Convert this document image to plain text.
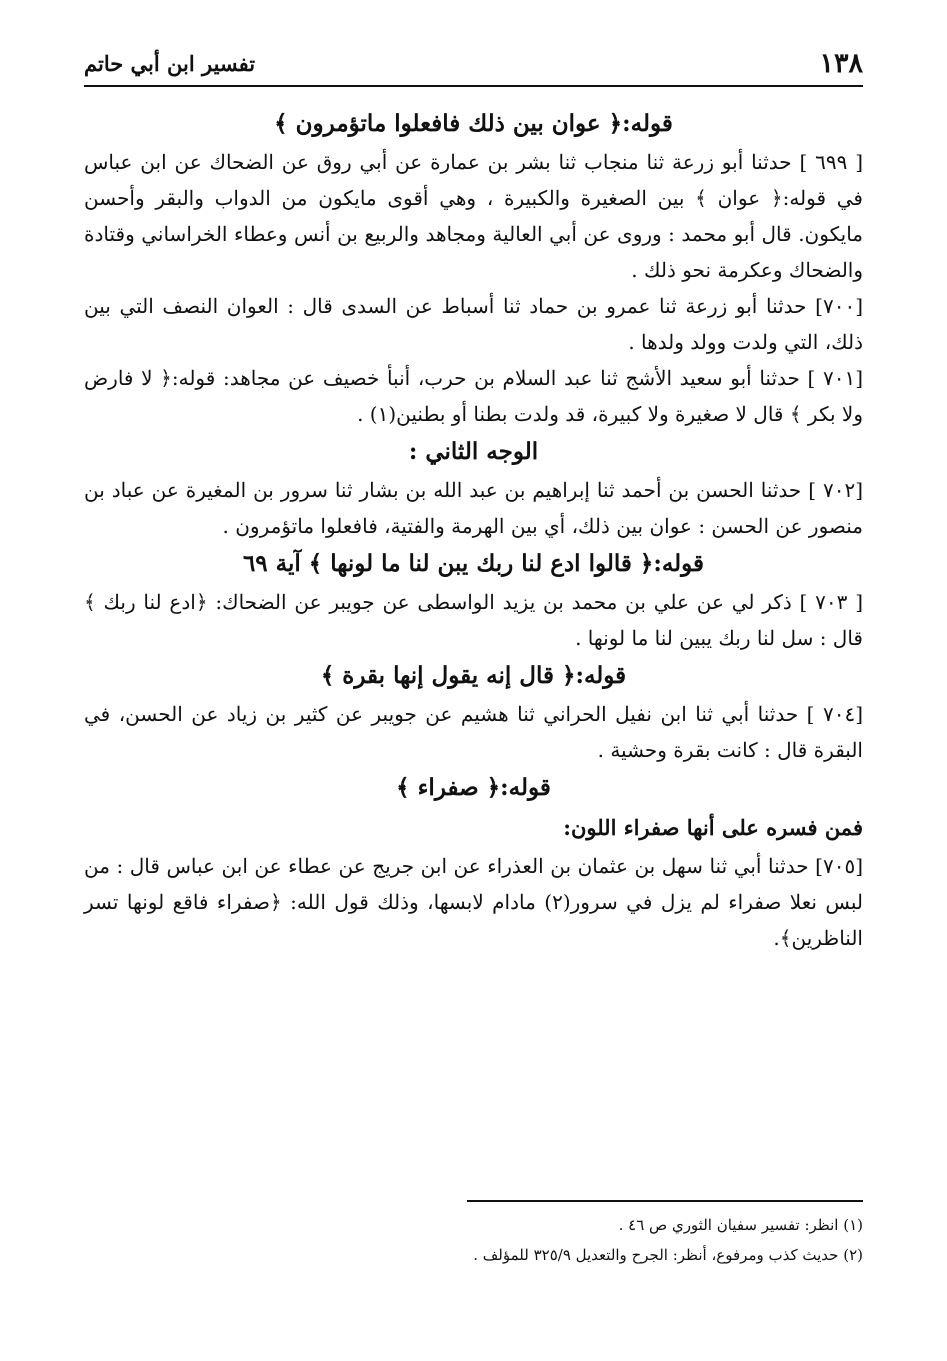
١٣٨
تفسير ابن أبي حاتم

قوله:﴿ عوان بين ذلك فافعلوا ماتؤمرون ﴾

[ ٦٩٩ ] حدثنا أبو زرعة ثنا منجاب ثنا بشر بن عمارة عن أبي روق عن الضحاك عن ابن عباس في قوله:﴿ عوان ﴾ بين الصغيرة والكبيرة ، وهي أقوى مايكون من الدواب والبقر وأحسن مايكون. قال أبو محمد : وروى عن أبي العالية ومجاهد والربيع بن أنس وعطاء الخراساني وقتادة والضحاك وعكرمة نحو ذلك .

[٧٠٠] حدثنا أبو زرعة ثنا عمرو بن حماد ثنا أسباط عن السدى قال : العوان النصف التي بين ذلك، التي ولدت وولد ولدها .

[٧٠١ ] حدثنا أبو سعيد الأشج ثنا عبد السلام بن حرب، أنبأ خصيف عن مجاهد: قوله:﴿ لا فارض ولا بكر ﴾ قال لا صغيرة ولا كبيرة، قد ولدت بطنا أو بطنين(١) .

الوجه الثاني :

[٧٠٢ ] حدثنا الحسن بن أحمد ثنا إبراهيم بن عبد الله بن بشار ثنا سرور بن المغيرة عن عباد بن منصور عن الحسن : عوان بين ذلك، أي بين الهرمة والفتية، فافعلوا ماتؤمرون .

قوله:﴿ قالوا ادع لنا ربك يبن لنا ما لونها ﴾ آية ٦٩

[ ٧٠٣ ] ذكر لي عن علي بن محمد بن يزيد الواسطى عن جويبر عن الضحاك: ﴿ادع لنا ربك ﴾ قال : سل لنا ربك يبين لنا ما لونها .

قوله:﴿ قال إنه يقول إنها بقرة ﴾

[٧٠٤ ] حدثنا أبي ثنا ابن نفيل الحراني ثنا هشيم عن جويبر عن كثير بن زياد عن الحسن، في البقرة قال : كانت بقرة وحشية .

قوله:﴿ صفراء ﴾

فمن فسره على أنها صفراء اللون:

[٧٠٥] حدثنا أبي ثنا سهل بن عثمان بن العذراء عن ابن جريج عن عطاء عن ابن عباس قال : من لبس نعلا صفراء لم يزل في سرور(٢) مادام لابسها، وذلك قول الله: ﴿صفراء فاقع لونها تسر الناظرين﴾.

(١) انظر: تفسير سفيان الثوري ص ٤٦ .

(٢) حديث كذب ومرفوع، أنظر: الجرح والتعديل ٣٢٥/٩ للمؤلف .
